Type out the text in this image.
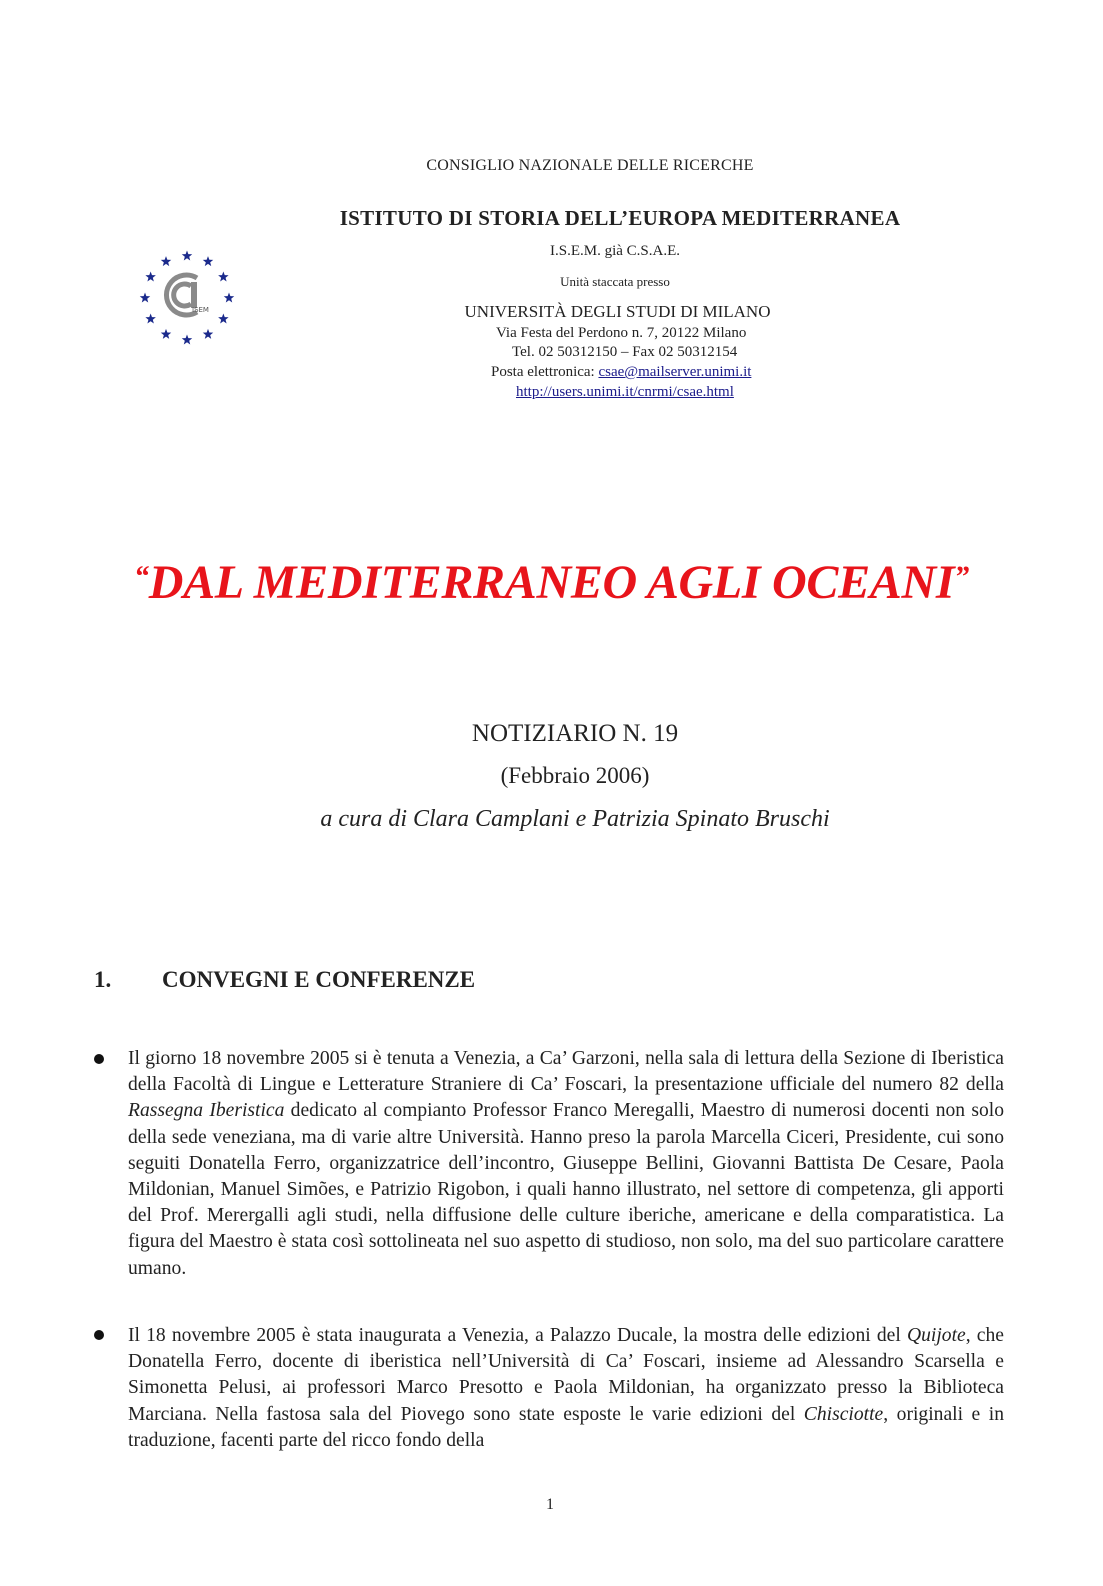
CONSIGLIO NAZIONALE DELLE RICERCHE
ISTITUTO DI STORIA DELL’EUROPA MEDITERRANEA
I.S.E.M. già C.S.A.E.
Unità staccata presso
UNIVERSITÀ DEGLI STUDI DI MILANO
Via Festa del Perdono n. 7, 20122 Milano
Tel. 02 50312150 – Fax 02 50312154
Posta elettronica: csae@mailserver.unimi.it
http://users.unimi.it/cnrmi/csae.html
ISEM
“DAL MEDITERRANEO AGLI OCEANI”
NOTIZIARIO N. 19
(Febbraio 2006)
a cura di Clara Camplani e Patrizia Spinato Bruschi
1. CONVEGNI E CONFERENZE
Il giorno 18 novembre 2005 si è tenuta a Venezia, a Ca’ Garzoni, nella sala di lettura della Sezione di Iberistica della Facoltà di Lingue e Letterature Straniere di Ca’ Foscari, la presentazione ufficiale del numero 82 della Rassegna Iberistica dedicato al compianto Professor Franco Meregalli, Maestro di numerosi docenti non solo della sede veneziana, ma di varie altre Università. Hanno preso la parola Marcella Ciceri, Presidente, cui sono seguiti Donatella Ferro, organizzatrice dell’incontro, Giuseppe Bellini, Giovanni Battista De Cesare, Paola Mildonian, Manuel Simões, e Patrizio Rigobon, i quali hanno illustrato, nel settore di competenza, gli apporti del Prof. Merergalli agli studi, nella diffusione delle culture iberiche, americane e della comparatistica. La figura del Maestro è stata così sottolineata nel suo aspetto di studioso, non solo, ma del suo particolare carattere umano.
Il 18 novembre 2005 è stata inaugurata a Venezia, a Palazzo Ducale, la mostra delle edizioni del Quijote, che Donatella Ferro, docente di iberistica nell’Università di Ca’ Foscari, insieme ad Alessandro Scarsella e Simonetta Pelusi, ai professori Marco Presotto e Paola Mildonian, ha organizzato presso la Biblioteca Marciana. Nella fastosa sala del Piovego sono state esposte le varie edizioni del Chisciotte, originali e in traduzione, facenti parte del ricco fondo della
1
